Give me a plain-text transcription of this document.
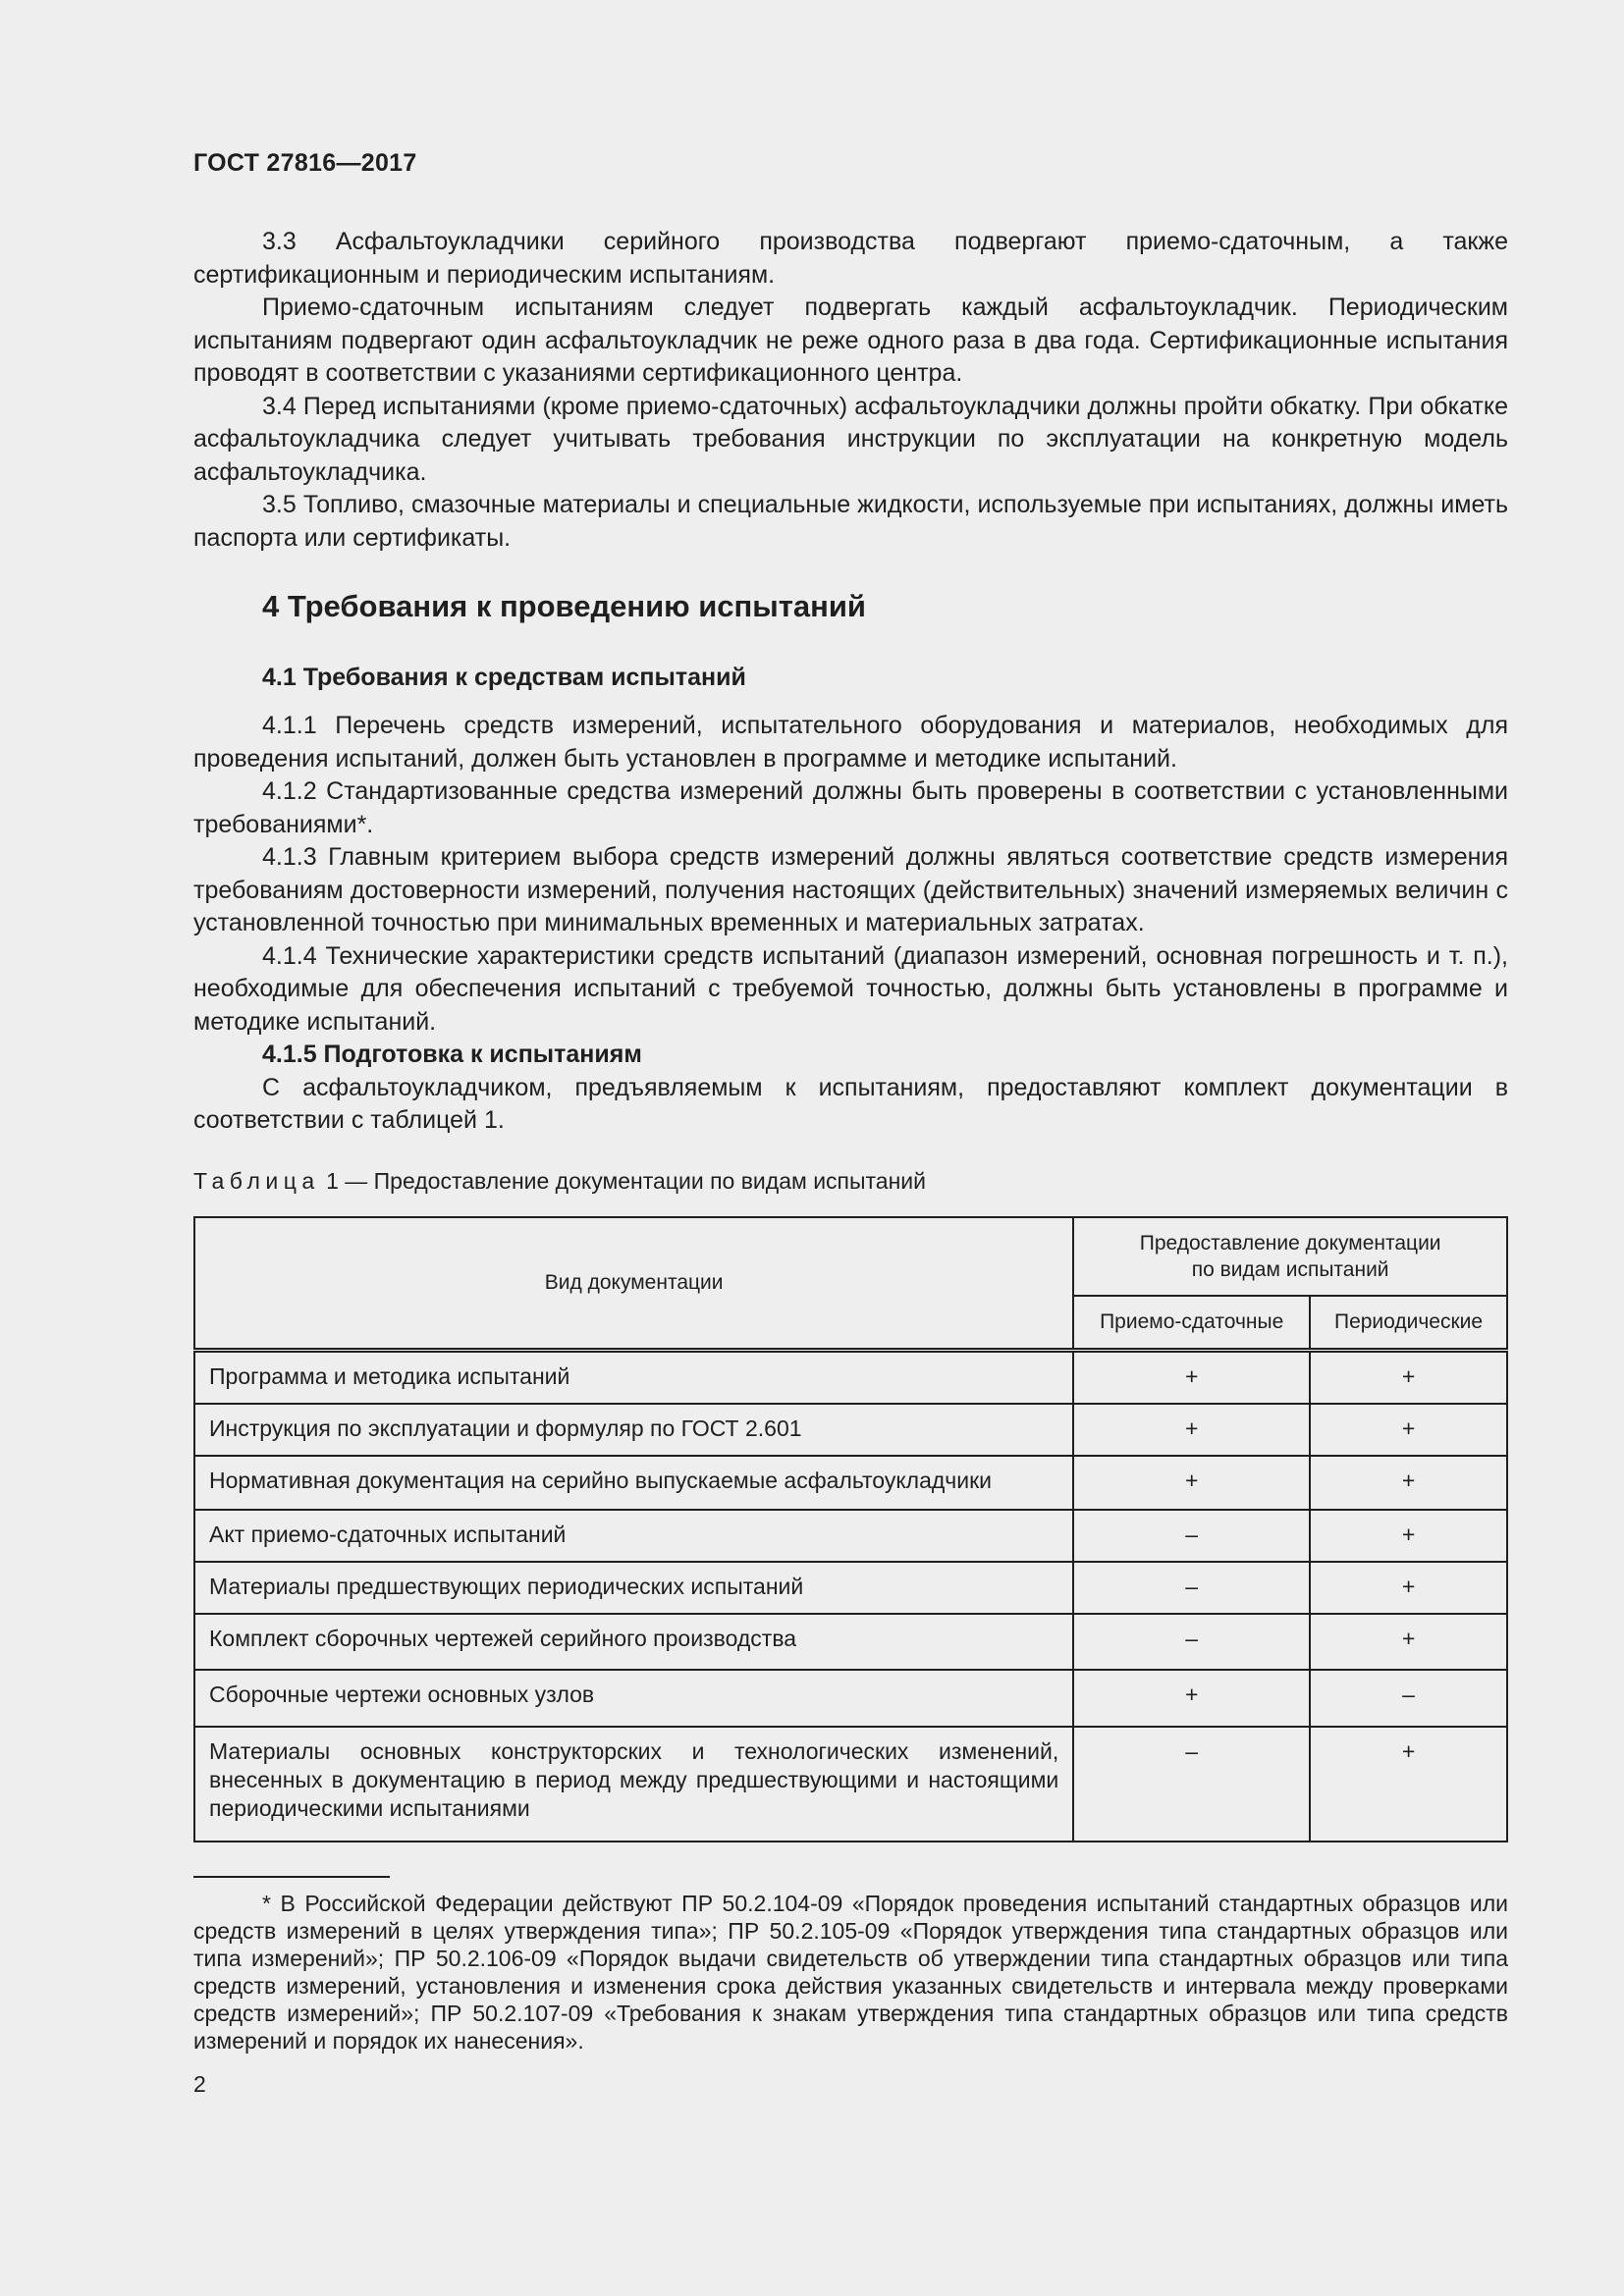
ГОСТ 27816—2017

3.3 Асфальтоукладчики серийного производства подвергают приемо-сдаточным, а также сертификационным и периодическим испытаниям.

Приемо-сдаточным испытаниям следует подвергать каждый асфальтоукладчик. Периодическим испытаниям подвергают один асфальтоукладчик не реже одного раза в два года. Сертификационные испытания проводят в соответствии с указаниями сертификационного центра.

3.4 Перед испытаниями (кроме приемо-сдаточных) асфальтоукладчики должны пройти обкатку. При обкатке асфальтоукладчика следует учитывать требования инструкции по эксплуатации на конкретную модель асфальтоукладчика.

3.5 Топливо, смазочные материалы и специальные жидкости, используемые при испытаниях, должны иметь паспорта или сертификаты.

4 Требования к проведению испытаний
4.1 Требования к средствам испытаний

4.1.1 Перечень средств измерений, испытательного оборудования и материалов, необходимых для проведения испытаний, должен быть установлен в программе и методике испытаний.

4.1.2 Стандартизованные средства измерений должны быть проверены в соответствии с установленными требованиями*.

4.1.3 Главным критерием выбора средств измерений должны являться соответствие средств измерения требованиям достоверности измерений, получения настоящих (действительных) значений измеряемых величин с установленной точностью при минимальных временных и материальных затратах.

4.1.4 Технические характеристики средств испытаний (диапазон измерений, основная погрешность и т. п.), необходимые для обеспечения испытаний с требуемой точностью, должны быть установлены в программе и методике испытаний.

4.1.5 Подготовка к испытаниям

С асфальтоукладчиком, предъявляемым к испытаниям, предоставляют комплект документации в соответствии с таблицей 1.

Таблица 1 — Предоставление документации по видам испытаний
Вид документации	Предоставление документации по видам испытаний	

	Приемо-сдаточные	Периодические
Программа и методика испытаний	+	+
Инструкция по эксплуатации и формуляр по ГОСТ 2.601	+	+
Нормативная документация на серийно выпускаемые асфальтоукладчики	+	+
Акт приемо-сдаточных испытаний	–	+
Материалы предшествующих периодических испытаний	–	+
Комплект сборочных чертежей серийного производства	–	+
Сборочные чертежи основных узлов	+	–
Материалы основных конструкторских и технологических изменений, внесенных в документацию в период между предшествующими и настоящими периодическими испытаниями	–	+

* В Российской Федерации действуют ПР 50.2.104-09 «Порядок проведения испытаний стандартных образцов или средств измерений в целях утверждения типа»; ПР 50.2.105-09 «Порядок утверждения типа стандартных образцов или типа измерений»; ПР 50.2.106-09 «Порядок выдачи свидетельств об утверждении типа стандартных образцов или типа средств измерений, установления и изменения срока действия указанных свидетельств и интервала между проверками средств измерений»; ПР 50.2.107-09 «Требования к знакам утверждения типа стандартных образцов или типа средств измерений и порядок их нанесения».

2
